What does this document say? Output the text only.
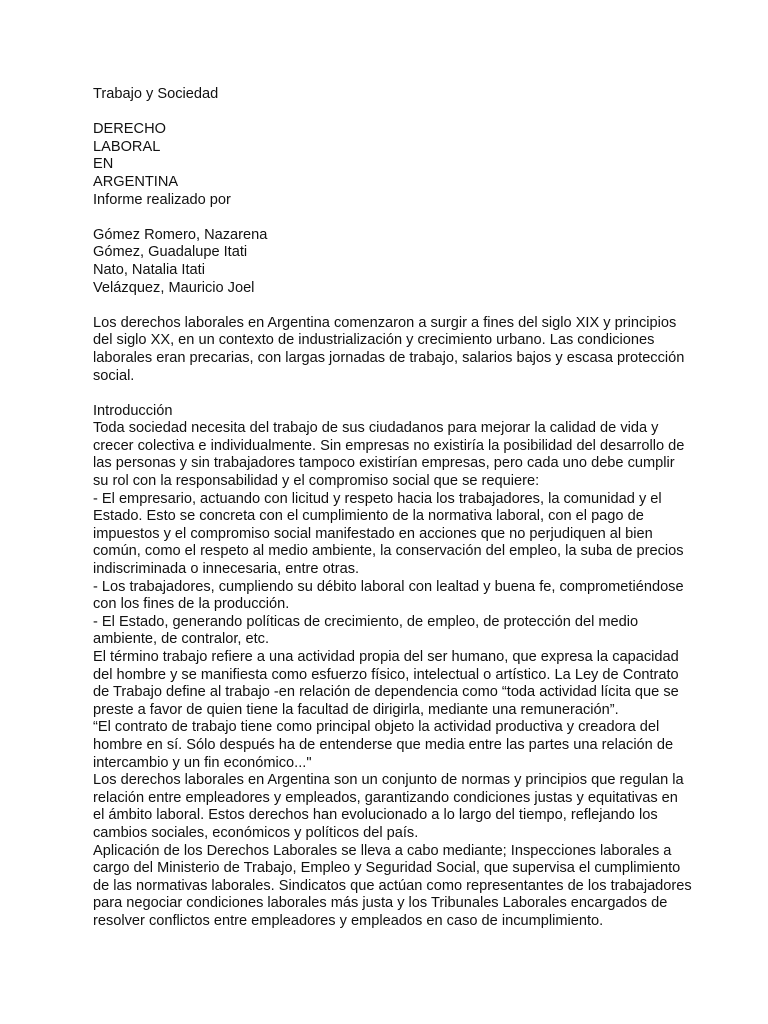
Trabajo y Sociedad
DERECHO
LABORAL
EN
ARGENTINA
Informe realizado por
Gómez Romero, Nazarena
Gómez, Guadalupe Itati
Nato, Natalia Itati
Velázquez, Mauricio Joel
Los derechos laborales en Argentina comenzaron a surgir a fines del siglo XIX y principios
del siglo XX, en un contexto de industrialización y crecimiento urbano. Las condiciones
laborales eran precarias, con largas jornadas de trabajo, salarios bajos y escasa protección
social.
Introducción
Toda sociedad necesita del trabajo de sus ciudadanos para mejorar la calidad de vida y
crecer colectiva e individualmente. Sin empresas no existiría la posibilidad del desarrollo de
las personas y sin trabajadores tampoco existirían empresas, pero cada uno debe cumplir
su rol con la responsabilidad y el compromiso social que se requiere:
- El empresario, actuando con licitud y respeto hacia los trabajadores, la comunidad y el
Estado. Esto se concreta con el cumplimiento de la normativa laboral, con el pago de
impuestos y el compromiso social manifestado en acciones que no perjudiquen al bien
común, como el respeto al medio ambiente, la conservación del empleo, la suba de precios
indiscriminada o innecesaria, entre otras.
- Los trabajadores, cumpliendo su débito laboral con lealtad y buena fe, comprometiéndose
con los fines de la producción.
- El Estado, generando políticas de crecimiento, de empleo, de protección del medio
ambiente, de contralor, etc.
El término trabajo refiere a una actividad propia del ser humano, que expresa la capacidad
del hombre y se manifiesta como esfuerzo físico, intelectual o artístico. La Ley de Contrato
de Trabajo define al trabajo -en relación de dependencia como “toda actividad lícita que se
preste a favor de quien tiene la facultad de dirigirla, mediante una remuneración”.
“El contrato de trabajo tiene como principal objeto la actividad productiva y creadora del
hombre en sí. Sólo después ha de entenderse que media entre las partes una relación de
intercambio y un fin económico..."
Los derechos laborales en Argentina son un conjunto de normas y principios que regulan la
relación entre empleadores y empleados, garantizando condiciones justas y equitativas en
el ámbito laboral. Estos derechos han evolucionado a lo largo del tiempo, reflejando los
cambios sociales, económicos y políticos del país.
Aplicación de los Derechos Laborales se lleva a cabo mediante; Inspecciones laborales a
cargo del Ministerio de Trabajo, Empleo y Seguridad Social, que supervisa el cumplimiento
de las normativas laborales. Sindicatos que actúan como representantes de los trabajadores
para negociar condiciones laborales más justa y los Tribunales Laborales encargados de
resolver conflictos entre empleadores y empleados en caso de incumplimiento.
